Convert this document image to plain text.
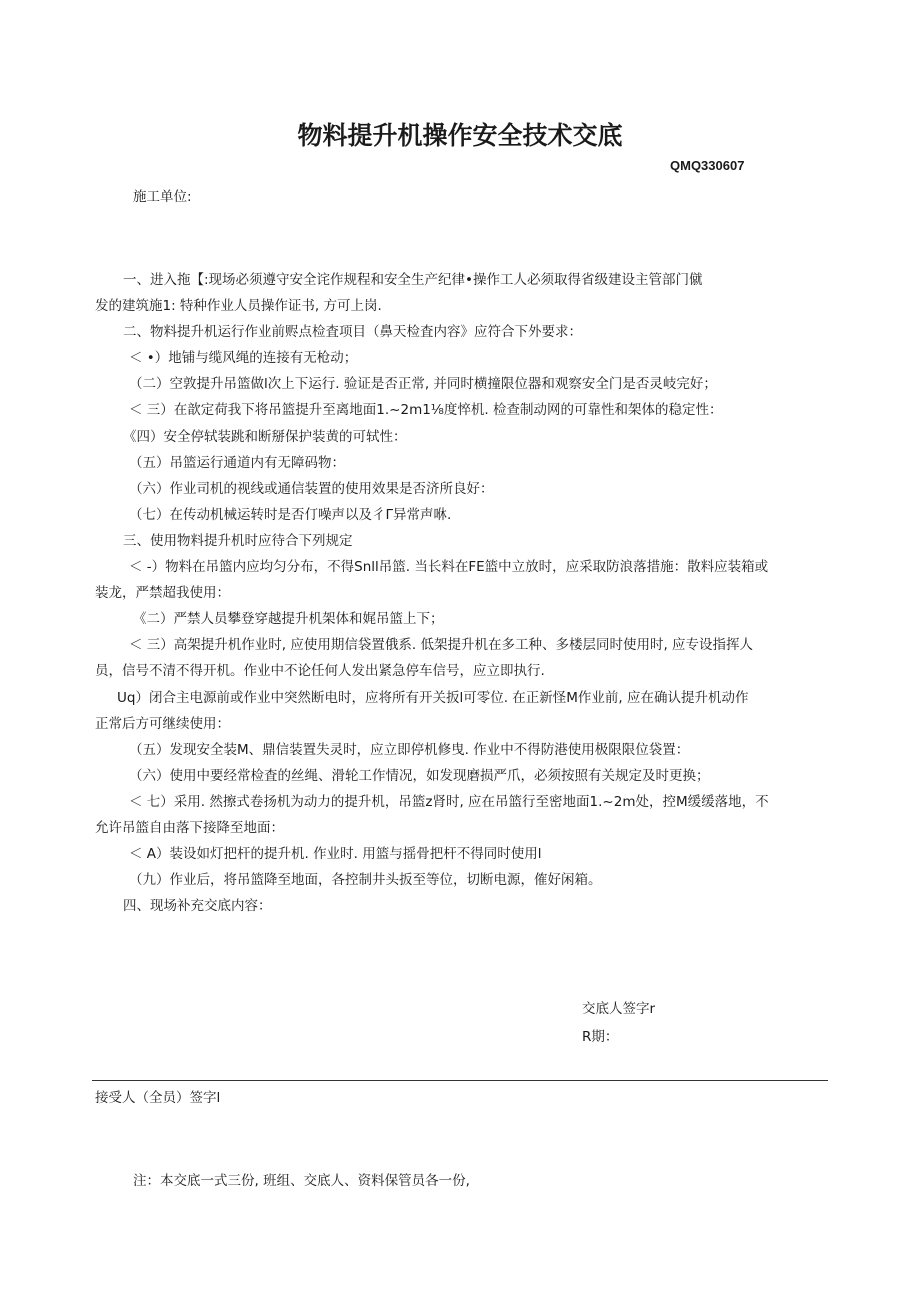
物料提升机操作安全技术交底
QMQ330607
施工单位:

一、进入拖【:现场必须遵守安全诧作规程和安全生产纪律•操作工人必须取得省级建设主管部门僦

发的建筑施1: 特种作业人员操作证书, 方可上岗.

二、物料提升机运行作业前赆点检査项目（鼻天检査内容》应符合下外要求：

＜ •）地铺与缆风绳的连接有无枪动；

（二）空敦提升吊篮做l次上下运行. 验证是否正常, 并同时横撞限位器和观察安全门是否灵岐完好；

＜ 三）在歆定荷我下将吊篮提升至离地面1.~2m1⅛度悴机. 检查制动网的可靠性和架体的稳定性：

《四）安全停轼装跳和断掰保护装黄的可轼性：

（五）吊篮运行通道内有无障码物：

（六）作业司机的视线或通信装置的使用效果是否济所良好：

（七）在传动机械运转时是否仃噪声以及彳Γ异常声咻.

三、使用物料提升机时应待合下列规定

＜ -）物料在吊篮内应均匀分布，不得Snll吊篮. 当长料在FE篮中立放时，应采取防浪落措施：散料应装箱或

装龙，严禁超我使用：

《二）严禁人员攀登穿越提升机架体和娓吊篮上下；

＜ 三）高架提升机作业时, 应使用期信袋置俄系. 低架提升机在多工种、多楼层同时使用时, 应专设指挥人

员，信号不清不得开机。作业中不论任何人发出紧急停车信号，应立即执行.

Uq）闭合主电源前或作业中突然断电时，应将所有开关扳l可零位. 在正新怪M作业前, 应在确认提升机动作

正常后方可继续使用：

（五）发现安全装M、鼎信装置失灵时，应立即停机修曳. 作业中不得防港使用极限限位袋置：

（六）使用中要经常检査的丝绳、滑轮工作情况，如发现磨损严爪，必须按照有关规定及时更换；

＜ 七）采用. 然擦式卷扬机为动力的提升机，吊篮z肾时, 应在吊篮行至密地面1.~2m处，控M缓缓落地，不

允许吊篮自由落下接降至地面：

＜ A）装设如灯把杆的提升机. 作业时. 用篮与摇骨把杆不得同时使用l

（九）作业后，将吊篮降至地面，各控制井头扳至等位，切断电源，傕好闲箱。

四、现场补充交底内容：

交底人签字r
R期：
接受人（全员）签字l
注：本交底一式三份, 班组、交底人、资料保管员各一份,
